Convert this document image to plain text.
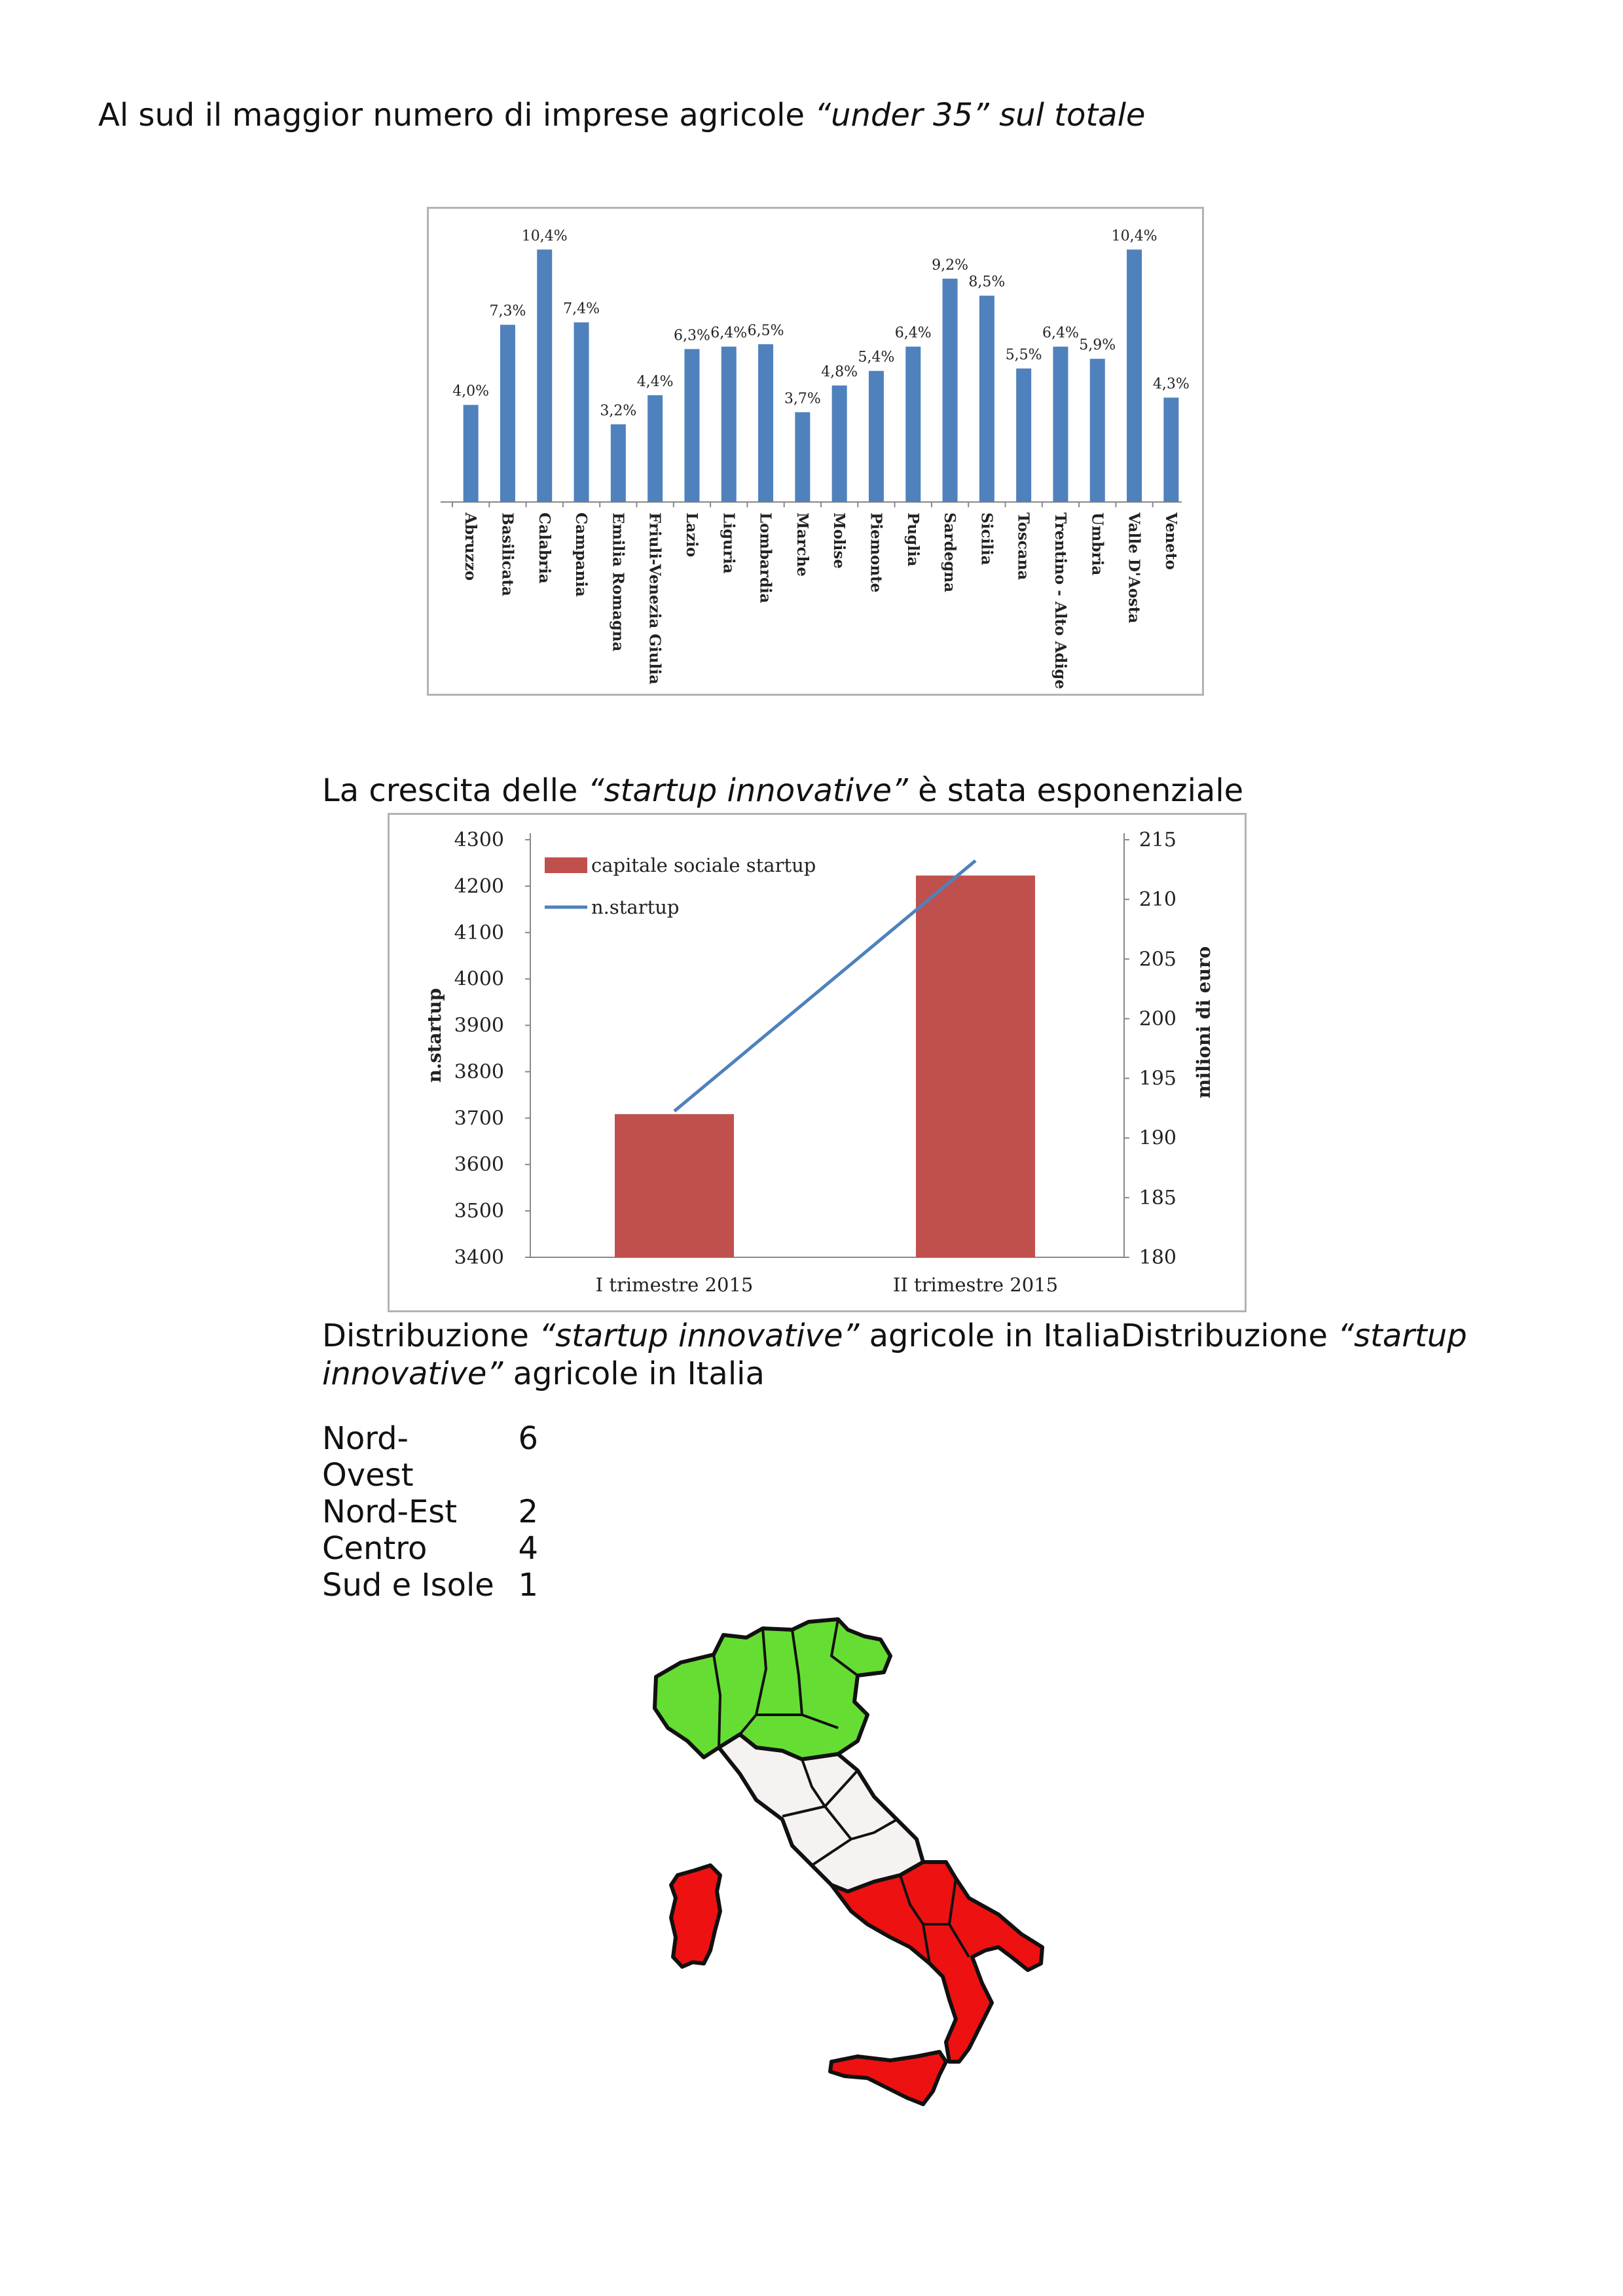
Al sud il maggior numero di imprese agricole “under 35” sul totale
4,0%
Abruzzo
7,3%
Basilicata
10,4%
Calabria
7,4%
Campania
3,2%
Emilia Romagna
4,4%
Friuli-Venezia Giulia
6,3%
Lazio
6,4%
Liguria
6,5%
Lombardia
3,7%
Marche
4,8%
Molise
5,4%
Piemonte
6,4%
Puglia
9,2%
Sardegna
8,5%
Sicilia
5,5%
Toscana
6,4%
Trentino - Alto Adige
5,9%
Umbria
10,4%
Valle D'Aosta
4,3%
Veneto
La crescita delle “startup innovative” è stata esponenziale
4300
4200
4100
4000
3900
3800
3700
3600
3500
3400
215
210
205
200
195
190
185
180
n.startup	milioni di euro
I trimestre 2015	II trimestre 2015
capitale sociale startup
n.startup
Distribuzione “startup innovative” agricole in ItaliaDistribuzione “startup
innovative” agricole in Italia
Nord-Ovest
6
Nord-Est	2
Centro	4
Sud e Isole 1
